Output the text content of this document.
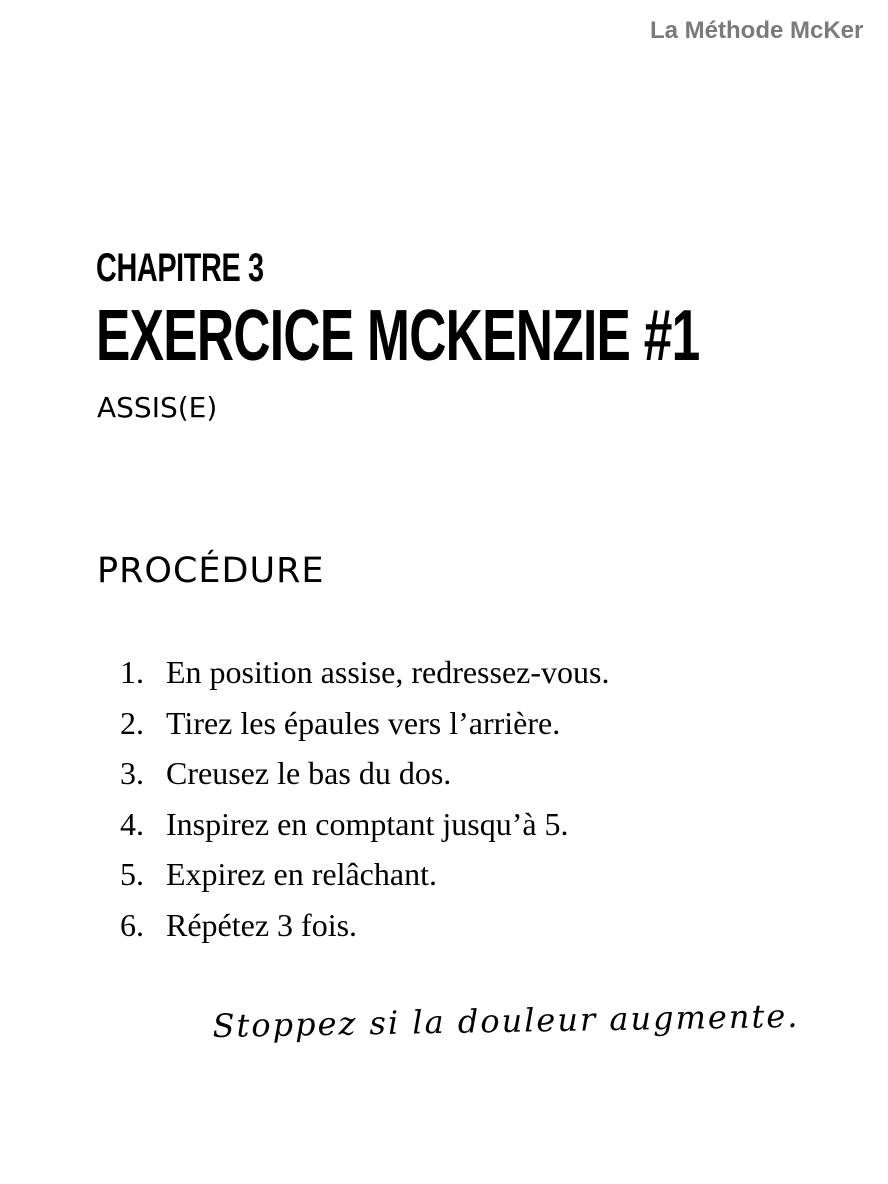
La Méthode McKer
CHAPITRE 3
EXERCICE MCKENZIE #1
ASSIS(E)
PROCÉDURE
1. En position assise, redressez-vous.
2. Tirez les épaules vers l’arrière.
3. Creusez le bas du dos.
4. Inspirez en comptant jusqu’à 5.
5. Expirez en relâchant.
6. Répétez 3 fois.
Stoppez si la douleur augmente.
